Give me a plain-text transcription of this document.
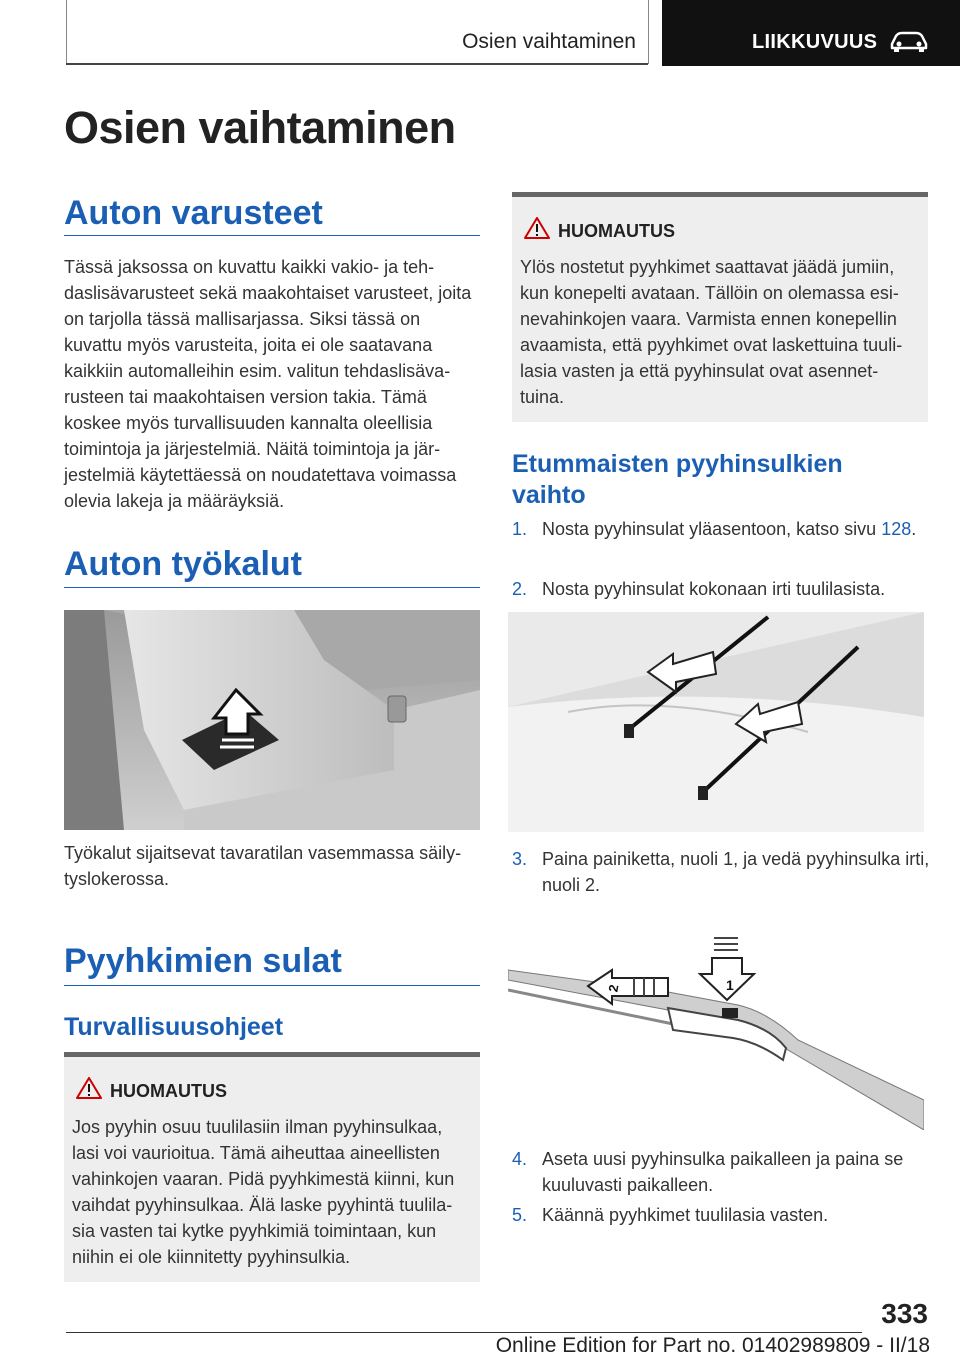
Osien vaihtaminen	LIIKKUVUUS
Osien vaihtaminen
Auton varusteet
Tässä jaksossa on kuvattu kaikki vakio- ja teh-daslisävarusteet sekä maakohtaiset varusteet, joita on tarjolla tässä mallisarjassa. Siksi tässä on kuvattu myös varusteita, joita ei ole saatavana kaikkiin automalleihin esim. valitun tehdaslisäva-rusteen tai maakohtaisen version takia. Tämä koskee myös turvallisuuden kannalta oleellisia toimintoja ja järjestelmiä. Näitä toimintoja ja jär-jestelmiä käytettäessä on noudatettava voimassa olevia lakeja ja määräyksiä.
Auton työkalut
Työkalut sijaitsevat tavaratilan vasemmassa säily-tyslokerossa.
Pyyhkimien sulat
Turvallisuusohjeet
HUOMAUTUS
Jos pyyhin osuu tuulilasiin ilman pyyhinsulkaa, lasi voi vaurioitua. Tämä aiheuttaa aineellisten vahinkojen vaaran. Pidä pyyhkimestä kiinni, kun vaihdat pyyhinsulkaa. Älä laske pyyhintä tuulila-sia vasten tai kytke pyyhkimiä toimintaan, kun niihin ei ole kiinnitetty pyyhinsulkia.
HUOMAUTUS
Ylös nostetut pyyhkimet saattavat jäädä jumiin, kun konepelti avataan. Tällöin on olemassa esi-nevahinkojen vaara. Varmista ennen konepellin avaamista, että pyyhkimet ovat laskettuina tuuli-lasia vasten ja että pyyhinsulat ovat asennet-tuina.
Etummaisten pyyhinsulkien vaihto
1. Nosta pyyhinsulat yläasentoon, katso sivu 128.
2. Nosta pyyhinsulat kokonaan irti tuulilasista.
3. Paina painiketta, nuoli 1, ja vedä pyyhinsulka irti, nuoli 2.
1
2
4. Aseta uusi pyyhinsulka paikalleen ja paina se kuuluvasti paikalleen.
5. Käännä pyyhkimet tuulilasia vasten.
333
Online Edition for Part no. 01402989809 - II/18
